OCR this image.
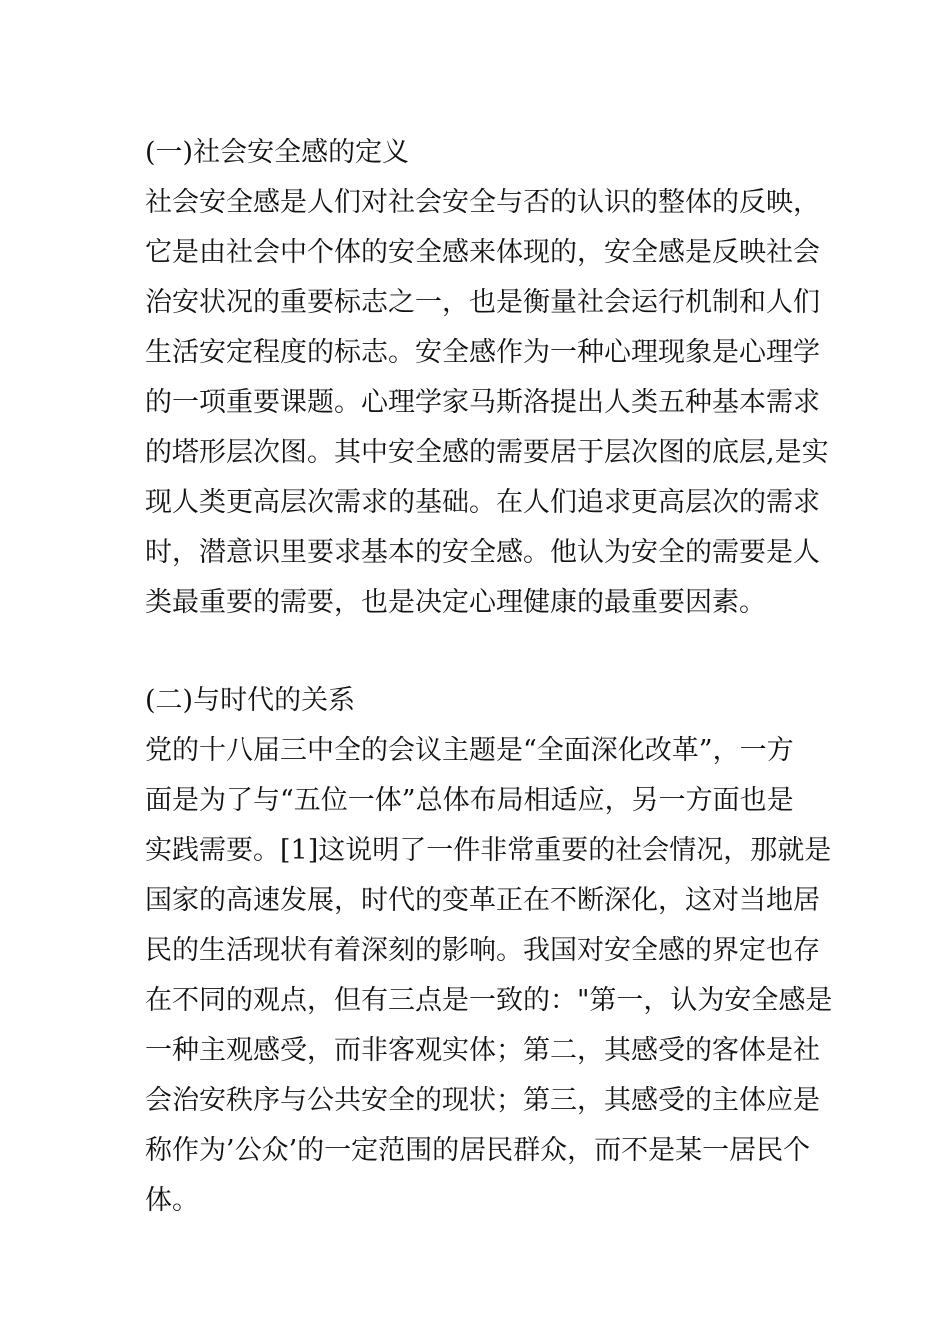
(一)社会安全感的定义
社会安全感是人们对社会安全与否的认识的整体的反映，
它是由社会中个体的安全感来体现的，安全感是反映社会
治安状况的重要标志之一，也是衡量社会运行机制和人们
生活安定程度的标志。安全感作为一种心理现象是心理学
的一项重要课题。心理学家马斯洛提出人类五种基本需求
的塔形层次图。其中安全感的需要居于层次图的底层,是实
现人类更高层次需求的基础。在人们追求更高层次的需求
时，潜意识里要求基本的安全感。他认为安全的需要是人
类最重要的需要，也是决定心理健康的最重要因素。
(二)与时代的关系
党的十八届三中全的会议主题是“全面深化改革”，一方
面是为了与“五位一体”总体布局相适应，另一方面也是
实践需要。[1]这说明了一件非常重要的社会情况，那就是
国家的高速发展，时代的变革正在不断深化，这对当地居
民的生活现状有着深刻的影响。我国对安全感的界定也存
在不同的观点，但有三点是一致的："第一，认为安全感是
一种主观感受，而非客观实体；第二，其感受的客体是社
会治安秩序与公共安全的现状；第三，其感受的主体应是
称作为’公众’的一定范围的居民群众，而不是某一居民个
体。
